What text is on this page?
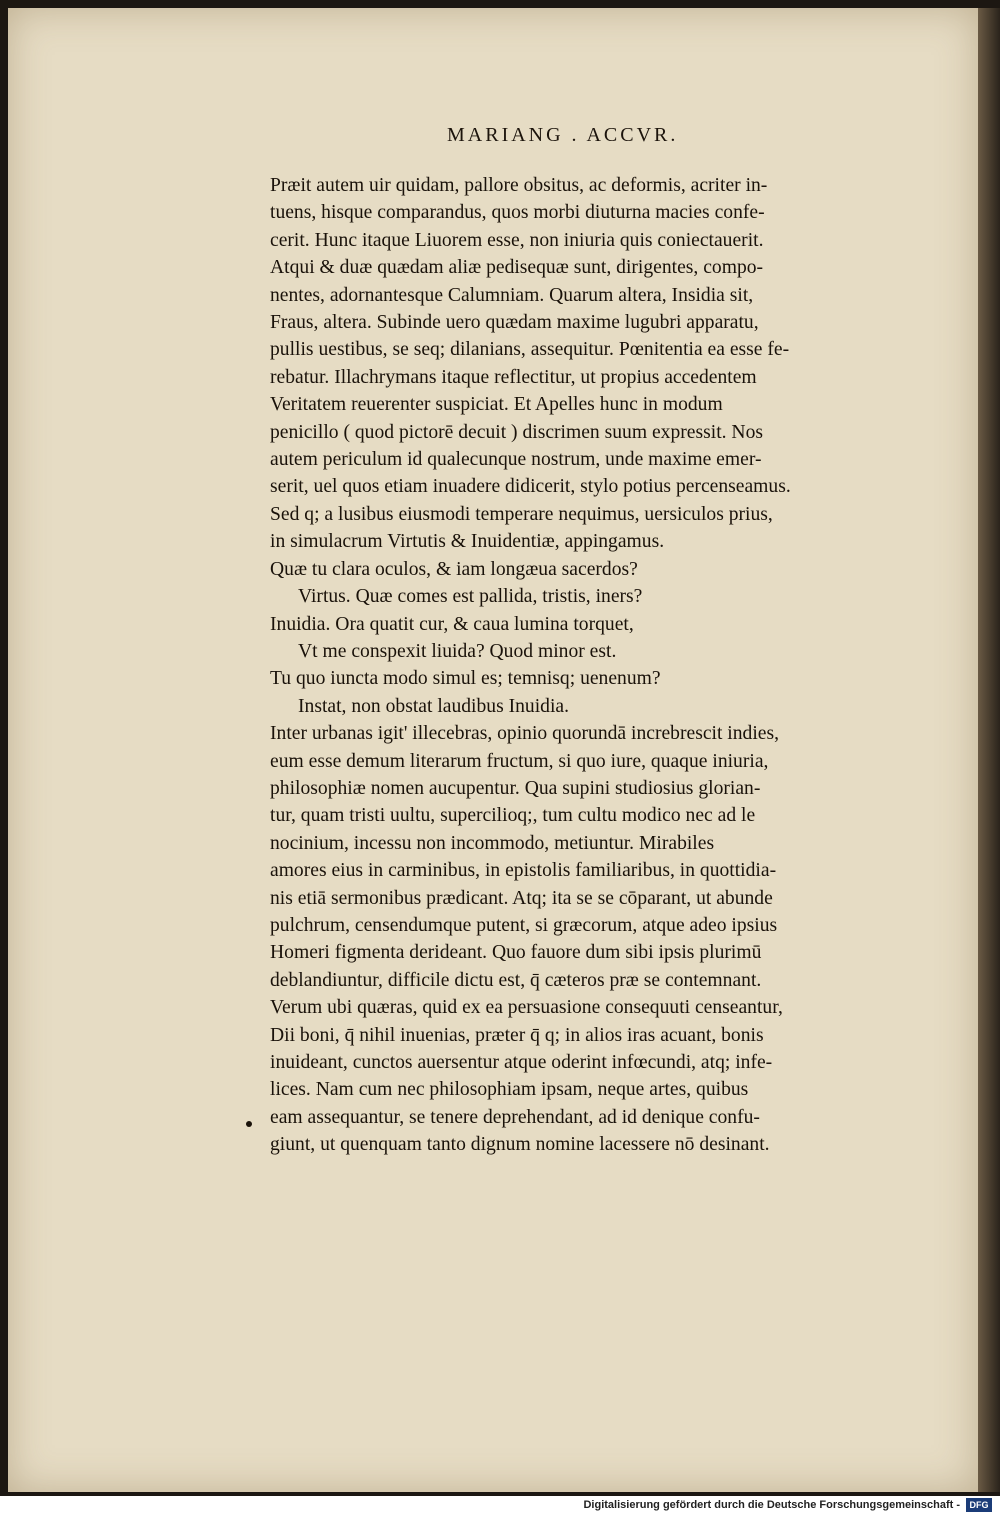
MARIANG . ACCVR.
Præit autem uir quidam, pallore obsitus, ac deformis, acriter in-
tuens, hisque comparandus, quos morbi diuturna macies confe-
cerit. Hunc itaque Liuorem esse, non iniuria quis coniectauerit.
Atqui & duæ quædam aliæ pedisequæ sunt, dirigentes, compo-
nentes, adornantesque Calumniam. Quarum altera, Insidia sit,
Fraus, altera. Subinde uero quædam maxime lugubri apparatu,
pullis uestibus, se seq; dilanians, assequitur. Pœnitentia ea esse fe-
rebatur. Illachrymans itaque reflectitur, ut propius accedentem
Veritatem reuerenter suspiciat. Et Apelles hunc in modum
penicillo ( quod pictorē decuit ) discrimen suum expressit. Nos
autem periculum id qualecunque nostrum, unde maxime emer-
serit, uel quos etiam inuadere didicerit, stylo potius percenseamus.
Sed q; a lusibus eiusmodi temperare nequimus, uersiculos prius,
in simulacrum Virtutis & Inuidentiæ, appingamus.
Quæ tu clara oculos, & iam longæua sacerdos?
Virtus. Quæ comes est pallida, tristis, iners?
Inuidia. Ora quatit cur, & caua lumina torquet,
Vt me conspexit liuida? Quod minor est.
Tu quo iuncta modo simul es; temnisq; uenenum?
Instat, non obstat laudibus Inuidia.
Inter urbanas igit' illecebras, opinio quorundā increbrescit indies,
eum esse demum literarum fructum, si quo iure, quaque iniuria,
philosophiæ nomen aucupentur. Qua supini studiosius glorian-
tur, quam tristi uultu, supercilioq;, tum cultu modico nec ad le
nocinium, incessu non incommodo, metiuntur. Mirabiles
amores eius in carminibus, in epistolis familiaribus, in quottidia-
nis etiā sermonibus prædicant. Atq; ita se se cōparant, ut abunde
pulchrum, censendumque putent, si græcorum, atque adeo ipsius
Homeri figmenta derideant. Quo fauore dum sibi ipsis plurimū
deblandiuntur, difficile dictu est, q̄ cæteros præ se contemnant.
Verum ubi quæras, quid ex ea persuasione consequuti censeantur,
Dii boni, q̄ nihil inuenias, præter q̄ q; in alios iras acuant, bonis
inuideant, cunctos auersentur atque oderint infœcundi, atq; infe-
lices. Nam cum nec philosophiam ipsam, neque artes, quibus
eam assequantur, se tenere deprehendant, ad id denique confu-
giunt, ut quenquam tanto dignum nomine lacessere nō desinant.
Digitalisierung gefördert durch die Deutsche Forschungsgemeinschaft -	DFG
